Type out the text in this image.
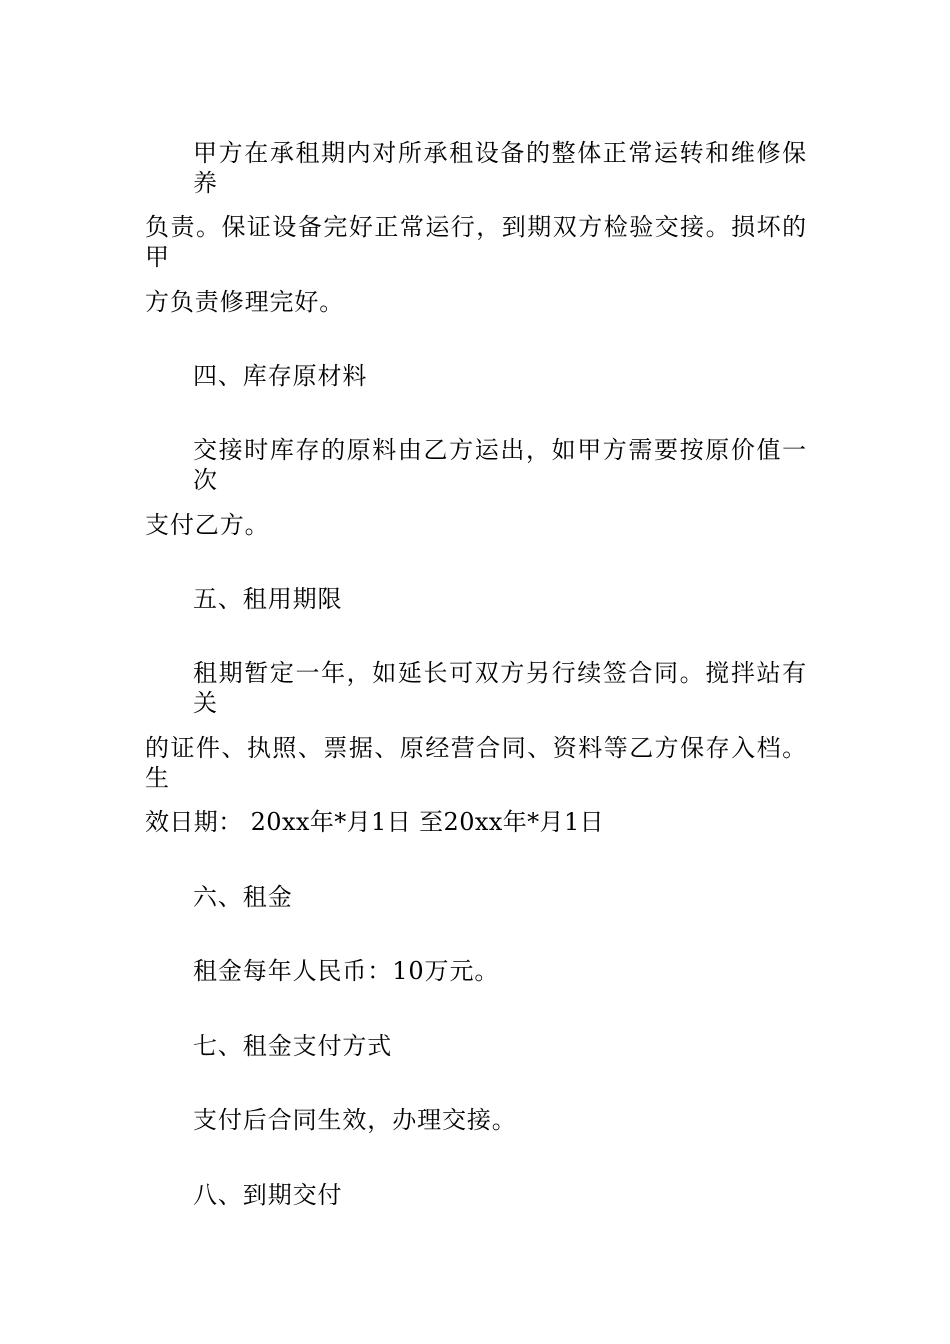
甲方在承租期内对所承租设备的整体正常运转和维修保养
负责。保证设备完好正常运行，到期双方检验交接。损坏的甲
方负责修理完好。
四、库存原材料
交接时库存的原料由乙方运出，如甲方需要按原价值一次
支付乙方。
五、租用期限
租期暂定一年，如延长可双方另行续签合同。搅拌站有关
的证件、执照、票据、原经营合同、资料等乙方保存入档。 生
效日期： 20xx年*月1日 至20xx年*月1日
六、租金
租金每年人民币：10万元。
七、租金支付方式
支付后合同生效，办理交接。
八、到期交付
